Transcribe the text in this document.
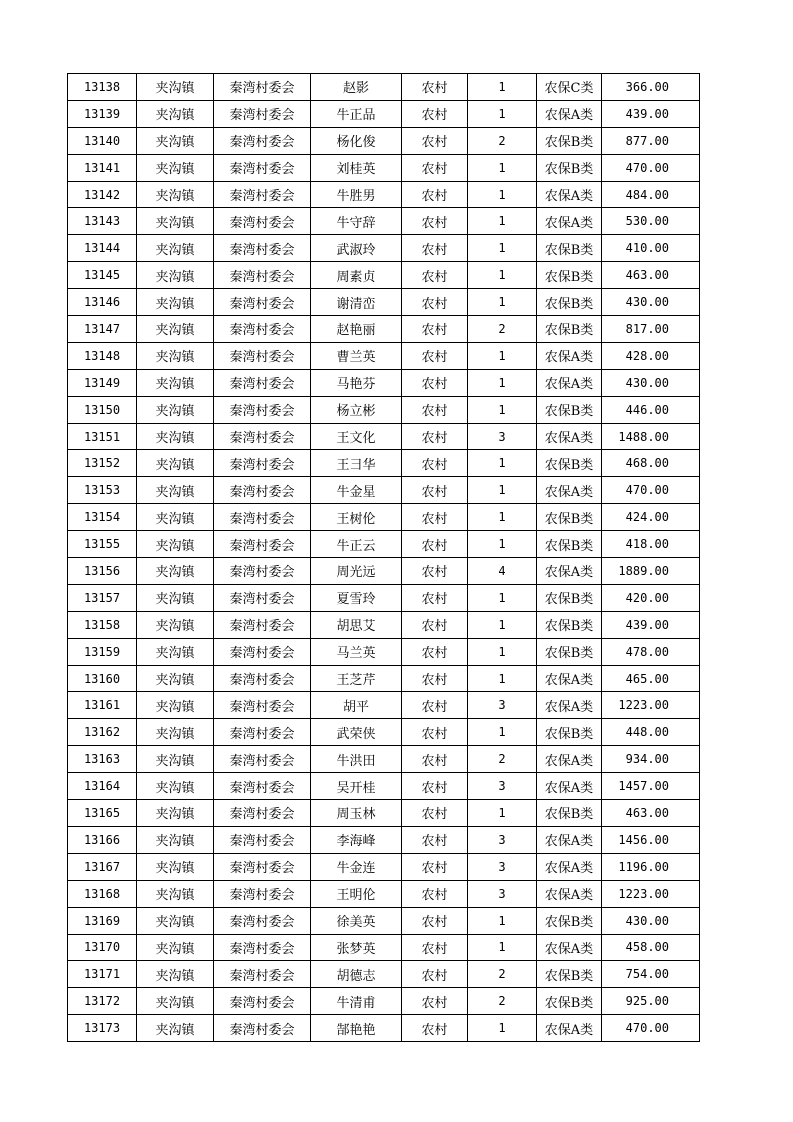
13138	夹沟镇	秦湾村委会	赵影	农村	1	农保C类	366.00
13139	夹沟镇	秦湾村委会	牛正品	农村	1	农保A类	439.00
13140	夹沟镇	秦湾村委会	杨化俊	农村	2	农保B类	877.00
13141	夹沟镇	秦湾村委会	刘桂英	农村	1	农保B类	470.00
13142	夹沟镇	秦湾村委会	牛胜男	农村	1	农保A类	484.00
13143	夹沟镇	秦湾村委会	牛守辞	农村	1	农保A类	530.00
13144	夹沟镇	秦湾村委会	武淑玲	农村	1	农保B类	410.00
13145	夹沟镇	秦湾村委会	周素贞	农村	1	农保B类	463.00
13146	夹沟镇	秦湾村委会	谢清峦	农村	1	农保B类	430.00
13147	夹沟镇	秦湾村委会	赵艳丽	农村	2	农保B类	817.00
13148	夹沟镇	秦湾村委会	曹兰英	农村	1	农保A类	428.00
13149	夹沟镇	秦湾村委会	马艳芬	农村	1	农保A类	430.00
13150	夹沟镇	秦湾村委会	杨立彬	农村	1	农保B类	446.00
13151	夹沟镇	秦湾村委会	王文化	农村	3	农保A类	1488.00
13152	夹沟镇	秦湾村委会	王彐华	农村	1	农保B类	468.00
13153	夹沟镇	秦湾村委会	牛金星	农村	1	农保A类	470.00
13154	夹沟镇	秦湾村委会	王树伦	农村	1	农保B类	424.00
13155	夹沟镇	秦湾村委会	牛正云	农村	1	农保B类	418.00
13156	夹沟镇	秦湾村委会	周光远	农村	4	农保A类	1889.00
13157	夹沟镇	秦湾村委会	夏雪玲	农村	1	农保B类	420.00
13158	夹沟镇	秦湾村委会	胡思艾	农村	1	农保B类	439.00
13159	夹沟镇	秦湾村委会	马兰英	农村	1	农保B类	478.00
13160	夹沟镇	秦湾村委会	王芝芹	农村	1	农保A类	465.00
13161	夹沟镇	秦湾村委会	胡平	农村	3	农保A类	1223.00
13162	夹沟镇	秦湾村委会	武荣侠	农村	1	农保B类	448.00
13163	夹沟镇	秦湾村委会	牛洪田	农村	2	农保A类	934.00
13164	夹沟镇	秦湾村委会	吴开桂	农村	3	农保A类	1457.00
13165	夹沟镇	秦湾村委会	周玉林	农村	1	农保B类	463.00
13166	夹沟镇	秦湾村委会	李海峰	农村	3	农保A类	1456.00
13167	夹沟镇	秦湾村委会	牛金连	农村	3	农保A类	1196.00
13168	夹沟镇	秦湾村委会	王明伦	农村	3	农保A类	1223.00
13169	夹沟镇	秦湾村委会	徐美英	农村	1	农保B类	430.00
13170	夹沟镇	秦湾村委会	张梦英	农村	1	农保A类	458.00
13171	夹沟镇	秦湾村委会	胡德志	农村	2	农保B类	754.00
13172	夹沟镇	秦湾村委会	牛清甫	农村	2	农保B类	925.00
13173	夹沟镇	秦湾村委会	郜艳艳	农村	1	农保A类	470.00
